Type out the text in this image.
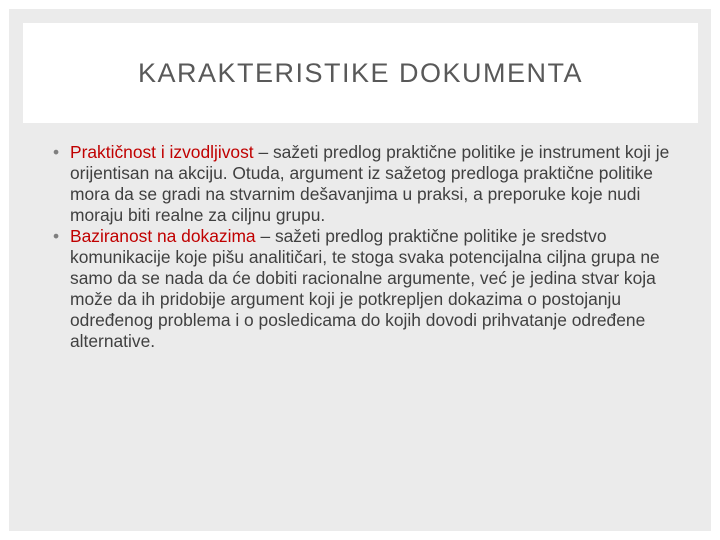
KARAKTERISTIKE DOKUMENTA

• Praktičnost i izvodljivost – sažeti predlog praktične politike je instrument koji je orijentisan na akciju. Otuda, argument iz sažetog predloga praktične politike mora da se gradi na stvarnim dešavanjima u praksi, a preporuke koje nudi moraju biti realne za ciljnu grupu.

• Baziranost na dokazima – sažeti predlog praktične politike je sredstvo komunikacije koje pišu analitičari, te stoga svaka potencijalna ciljna grupa ne samo da se nada da će dobiti racionalne argumente, već je jedina stvar koja može da ih pridobije argument koji je potkrepljen dokazima o postojanju određenog problema i o posledicama do kojih dovodi prihvatanje određene alternative.
